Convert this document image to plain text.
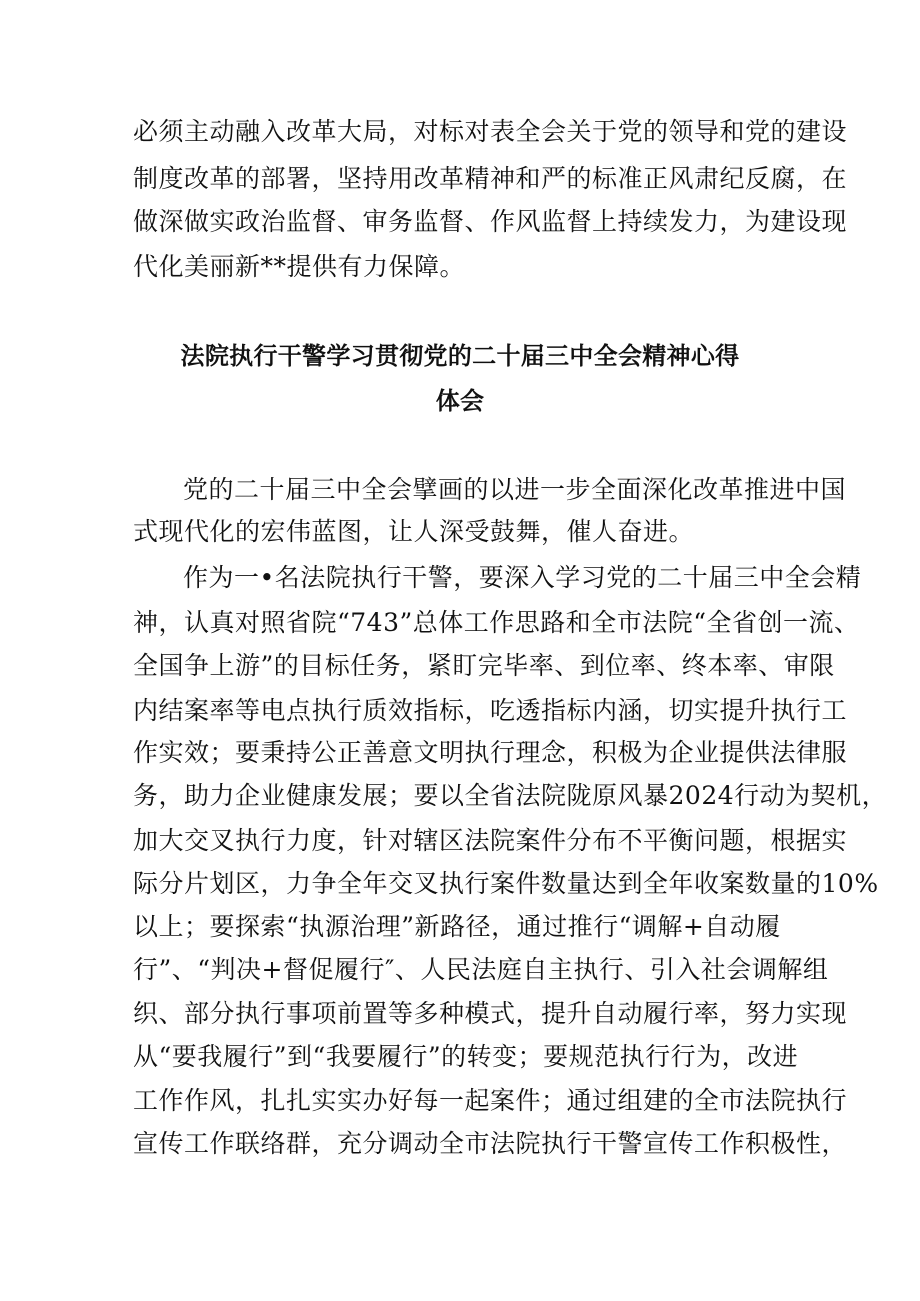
必须主动融入改革大局，对标对表全会关于党的领导和党的建设
制度改革的部署，坚持用改革精神和严的标准正风肃纪反腐，在
做深做实政治监督、审务监督、作风监督上持续发力，为建设现
代化美丽新**提供有力保障。
法院执行干警学习贯彻党的二十届三中全会精神心得
体会
党的二十届三中全会擘画的以进一步全面深化改革推进中国
式现代化的宏伟蓝图，让人深受鼓舞，催人奋进。
作为一•名法院执行干警，要深入学习党的二十届三中全会精
神，认真对照省院“743”总体工作思路和全市法院“全省创一流、
全国争上游”的目标任务，紧盯完毕率、到位率、终本率、审限
内结案率等电点执行质效指标，吃透指标内涵，切实提升执行工
作实效；要秉持公正善意文明执行理念，积极为企业提供法律服
务，助力企业健康发展；要以全省法院陇原风暴2024行动为契机，
加大交叉执行力度，针对辖区法院案件分布不平衡问题，根据实
际分片划区，力争全年交叉执行案件数量达到全年收案数量的10%
以上；要探索“执源治理”新路径，通过推行“调解+自动履
行”、“判决+督促履行″、人民法庭自主执行、引入社会调解组
织、部分执行事项前置等多种模式，提升自动履行率，努力实现
从“要我履行”到“我要履行”的转变；要规范执行行为，改进
工作作风，扎扎实实办好每一起案件；通过组建的全市法院执行
宣传工作联络群，充分调动全市法院执行干警宣传工作积极性，
